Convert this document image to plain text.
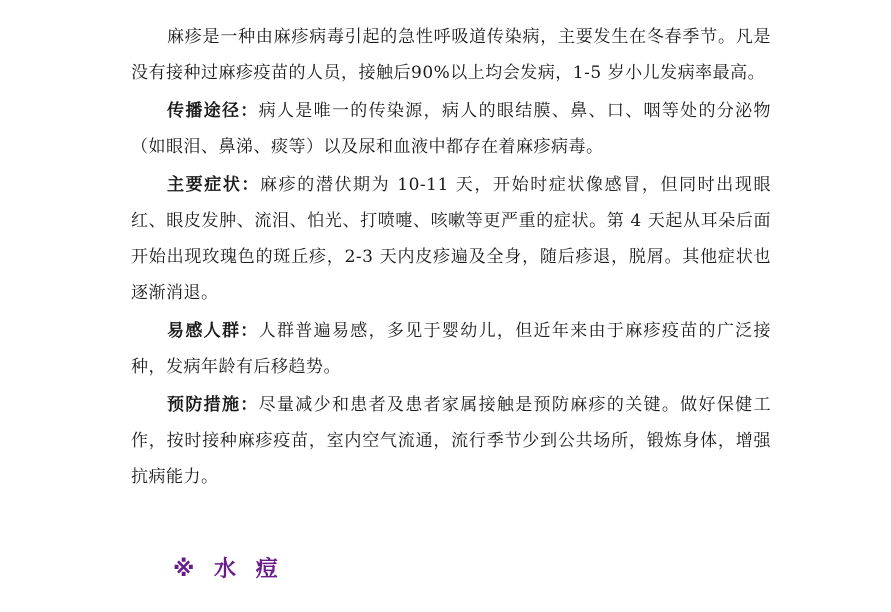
麻疹是一种由麻疹病毒引起的急性呼吸道传染病，主要发生在冬春季节。凡是没有接种过麻疹疫苗的人员，接触后90%以上均会发病，1-5 岁小儿发病率最高。

传播途径：病人是唯一的传染源，病人的眼结膜、鼻、口、咽等处的分泌物（如眼泪、鼻涕、痰等）以及尿和血液中都存在着麻疹病毒。

主要症状：麻疹的潜伏期为 10-11 天，开始时症状像感冒，但同时出现眼红、眼皮发肿、流泪、怕光、打喷嚏、咳嗽等更严重的症状。第 4 天起从耳朵后面开始出现玫瑰色的斑丘疹，2-3 天内皮疹遍及全身，随后疹退，脱屑。其他症状也逐渐消退。

易感人群：人群普遍易感，多见于婴幼儿，但近年来由于麻疹疫苗的广泛接种，发病年龄有后移趋势。

预防措施：尽量减少和患者及患者家属接触是预防麻疹的关键。做好保健工作，按时接种麻疹疫苗，室内空气流通，流行季节少到公共场所，锻炼身体，增强抗病能力。

※ 水 痘
